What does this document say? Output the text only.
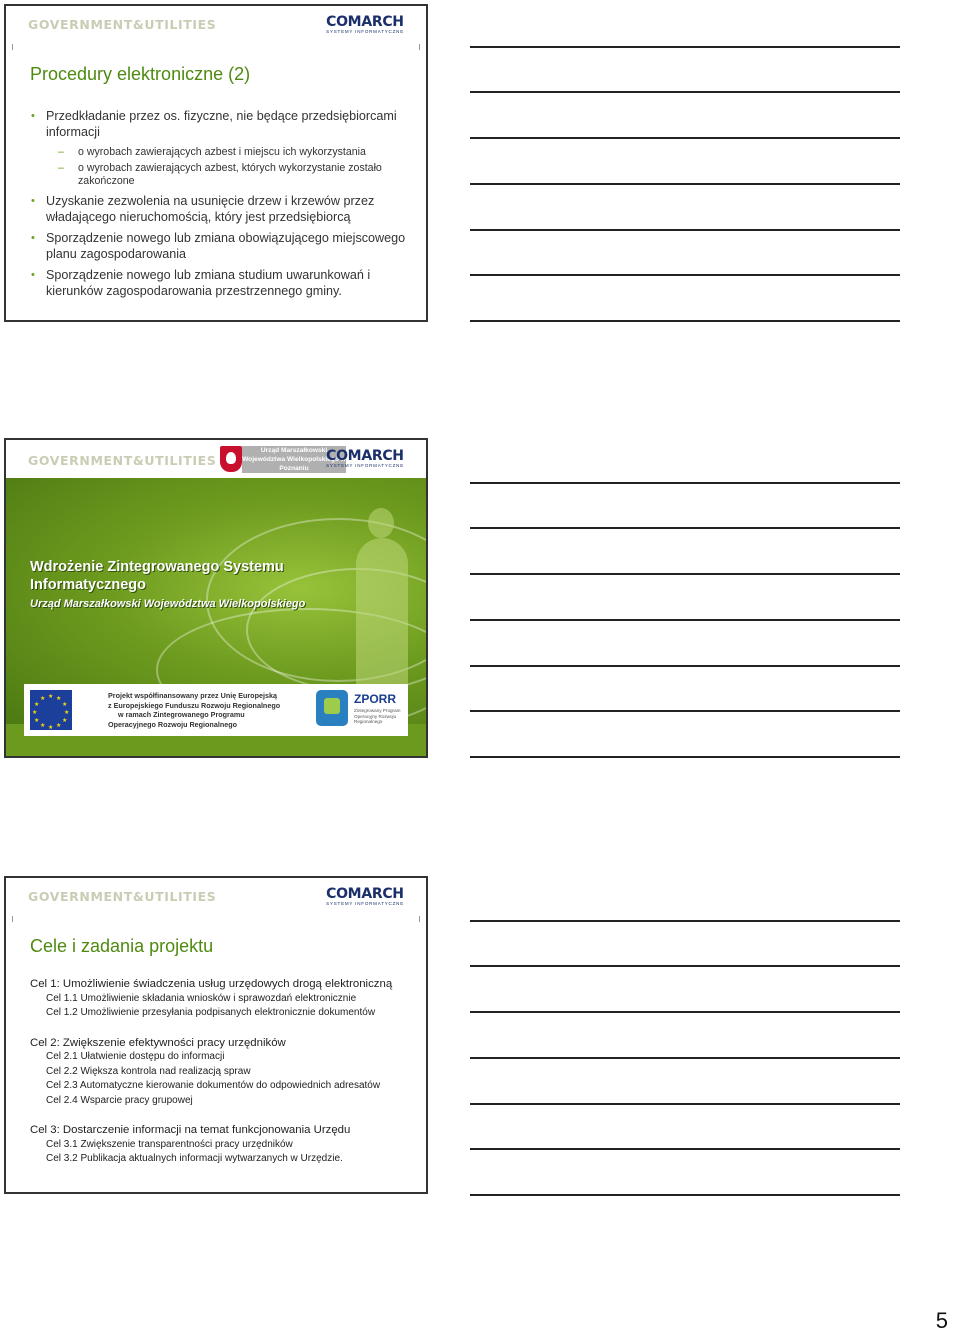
GOVERNMENT&UTILITIES	COMARCH
SYSTEMY INFORMATYCZNE
Procedury elektroniczne (2)
• Przedkładanie przez os. fizyczne, nie będące przedsiębiorcami informacji
– o wyrobach zawierających azbest i miejscu ich wykorzystania
– o wyrobach zawierających azbest, których wykorzystanie zostało zakończone
• Uzyskanie zezwolenia na usunięcie drzew i krzewów przez władającego nieruchomością, który jest przedsiębiorcą
• Sporządzenie nowego lub zmiana obowiązującego miejscowego planu zagospodarowania
• Sporządzenie nowego lub zmiana studium uwarunkowań i kierunków zagospodarowania przestrzennego gminy.
GOVERNMENT&UTILITIES
Urząd Marszałkowski Województwa Wielkopolskiego w Poznaniu
COMARCH
SYSTEMY INFORMATYCZNE
Wdrożenie Zintegrowanego Systemu
Informatycznego
Urząd Marszałkowski Województwa Wielkopolskiego
★ ★
★
★
★
★
★
★
★
★
★
★	Projekt współfinansowany przez Unię Europejską
z Europejskiego Funduszu Rozwoju Regionalnego
w ramach Zintegrowanego Programu
Operacyjnego Rozwoju Regionalnego
ZPORR
Zintegrowany Program Operacyjny Rozwoju Regionalnego
GOVERNMENT&UTILITIES	COMARCH
SYSTEMY INFORMATYCZNE
Cele i zadania projektu
Cel 1: Umożliwienie świadczenia usług urzędowych drogą elektroniczną
Cel 1.1 Umożliwienie składania wniosków i sprawozdań elektronicznie
Cel 1.2 Umożliwienie przesyłania podpisanych elektronicznie dokumentów
Cel 2: Zwiększenie efektywności pracy urzędników
Cel 2.1 Ułatwienie dostępu do informacji
Cel 2.2 Większa kontrola nad realizacją spraw
Cel 2.3 Automatyczne kierowanie dokumentów do odpowiednich adresatów
Cel 2.4 Wsparcie pracy grupowej
Cel 3: Dostarczenie informacji na temat funkcjonowania Urzędu
Cel 3.1 Zwiększenie transparentności pracy urzędników
Cel 3.2 Publikacja aktualnych informacji wytwarzanych w Urzędzie.
5
